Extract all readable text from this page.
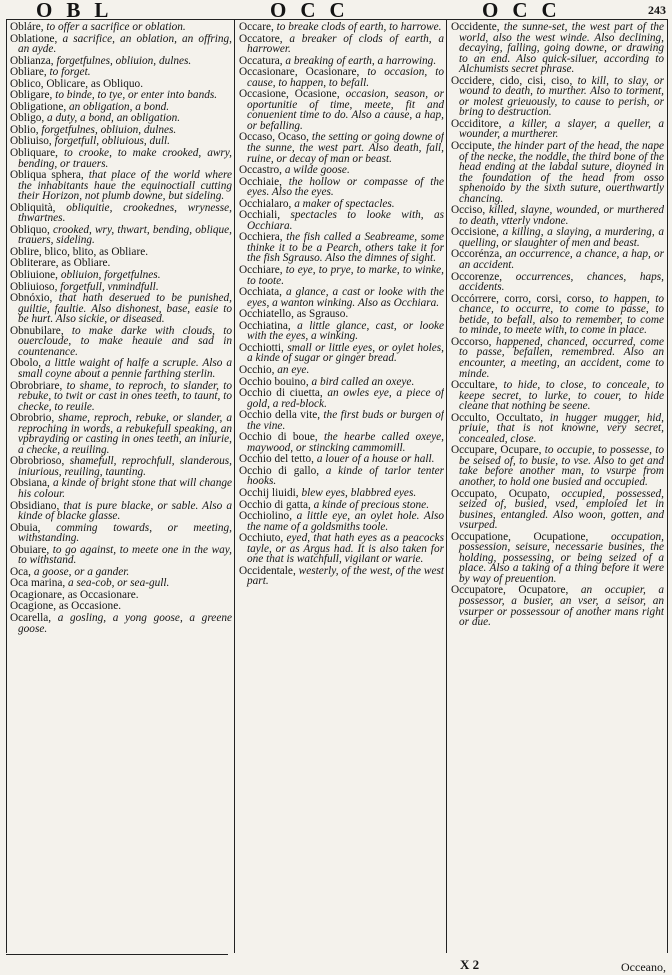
OBL	OCC	OCC	243

Obláre, to offer a sacrifice or oblation.

Oblatione, a sacrifice, an oblation, an offring, an ayde.

Oblianza, forgetfulnes, obliuion, dulnes.

Obliare, to forget.

Oblico, Oblicare, as Obliquo.

Obligare, to binde, to tye, or enter into bands.

Obligatione, an obligation, a bond.

Obligo, a duty, a bond, an obligation.

Oblio, forgetfulnes, obliuion, dulnes.

Obliuiso, forgetfull, obliuious, dull.

Obliquare, to crooke, to make crooked, awry, bending, or trauers.

Obliqua sphera, that place of the world where the inhabitants haue the equinoctiall cutting their Horizon, not plumb downe, but sideling.

Obliquità, obliquitie, crookednes, wrynesse, thwartnes.

Obliquo, crooked, wry, thwart, bending, oblique, trauers, sideling.

Oblire, blico, blito, as Obliare.

Obliterare, as Obliare.

Obliuione, obliuion, forgetfulnes.

Obliuioso, forgetfull, vnmindfull.

Obnóxio, that hath deserued to be punished, guiltie, faultie. Also dishonest, base, easie to be hurt. Also sickie, or diseased.

Obnubilare, to make darke with clouds, to ouercloude, to make heauie and sad in countenance.

Obolo, a little waight of halfe a scruple. Also a small coyne about a pennie farthing sterlin.

Obrobriare, to shame, to reproch, to slander, to rebuke, to twit or cast in ones teeth, to taunt, to checke, to reuile.

Obrobrio, shame, reproch, rebuke, or slander, a reproching in words, a rebukefull speaking, an vpbrayding or casting in ones teeth, an iniurie, a checke, a reuiling.

Obrobrioso, shamefull, reprochfull, slanderous, iniurious, reuiling, taunting.

Obsiana, a kinde of bright stone that will change his colour.

Obsidiano, that is pure blacke, or sable. Also a kinde of blacke glasse.

Obuia, comming towards, or meeting, withstanding.

Obuiare, to go against, to meete one in the way, to withstand.

Oca, a goose, or a gander.

Oca marina, a sea-cob, or sea-gull.

Ocagionare, as Occasionare.

Ocagione, as Occasione.

Ocarella, a gosling, a yong goose, a greene goose.

Occare, to breake clods of earth, to harrowe.

Occatore, a breaker of clods of earth, a harrower.

Occatura, a breaking of earth, a harrowing.

Occasionare, Ocasionare, to occasion, to cause, to happen, to befall.

Occasione, Ocasione, occasion, season, or oportunitie of time, meete, fit and conuenient time to do. Also a cause, a hap, or befalling.

Occaso, Ocaso, the setting or going downe of the sunne, the west part. Also death, fall, ruine, or decay of man or beast.

Occastro, a wilde goose.

Occhiaie, the hollow or compasse of the eyes. Also the eyes.

Occhialaro, a maker of spectacles.

Occhiali, spectacles to looke with, as Occhiara.

Occhiera, the fish called a Seabreame, some thinke it to be a Pearch, others take it for the fish Sgrauso. Also the dimnes of sight.

Occhiare, to eye, to prye, to marke, to winke, to toote.

Occhiata, a glance, a cast or looke with the eyes, a wanton winking. Also as Occhiara.

Occhiatello, as Sgrauso.

Occhiatina, a little glance, cast, or looke with the eyes, a winking.

Occhiotti, small or little eyes, or oylet holes, a kinde of sugar or ginger bread.

Occhio, an eye.

Occhio bouino, a bird called an oxeye.

Occhio di ciuetta, an owles eye, a piece of gold, a red-block.

Occhio della vite, the first buds or burgen of the vine.

Occhio di boue, the hearbe called oxeye, maywood, or stincking cammomill.

Occhio del tetto, a louer of a house or hall.

Occhio di gallo, a kinde of tarlor tenter hooks.

Occhij liuidi, blew eyes, blabbred eyes.

Occhio di gatta, a kinde of precious stone.

Occhiolino, a little eye, an oylet hole. Also the name of a goldsmiths toole.

Occhiuto, eyed, that hath eyes as a peacocks tayle, or as Argus had. It is also taken for one that is watchfull, vigilant or warie.

Occidentale, westerly, of the west, of the west part.

Occidente, the sunne-set, the west part of the world, also the west winde. Also declining, decaying, falling, going downe, or drawing to an end. Also quick-siluer, according to Alchumists secret phrase.

Occidere, cido, cisi, ciso, to kill, to slay, or wound to death, to murther. Also to torment, or molest grieuously, to cause to perish, or bring to destruction.

Occiditore, a killer, a slayer, a queller, a wounder, a murtherer.

Occipute, the hinder part of the head, the nape of the necke, the noddle, the third bone of the head ending at the labdal suture, dioyned in the foundation of the head from osso sphenoido by the sixth suture, ouerthwartly chancing.

Occiso, killed, slayne, wounded, or murthered to death, vtterly vndone.

Occisione, a killing, a slaying, a murdering, a quelling, or slaughter of men and beast.

Occorénza, an occurrence, a chance, a hap, or an accident.

Occorenze, occurrences, chances, haps, accidents.

Occórrere, corro, corsi, corso, to happen, to chance, to occurre, to come to passe, to betide, to befall, also to remember, to come to minde, to meete with, to come in place.

Occorso, happened, chanced, occurred, come to passe, befallen, remembred. Also an encounter, a meeting, an accident, come to minde.

Occultare, to hide, to close, to conceale, to keepe secret, to lurke, to couer, to hide cleane that nothing be seene.

Occulto, Occultato, in hugger mugger, hid, priuie, that is not knowne, very secret, concealed, close.

Occupare, Ocupare, to occupie, to possesse, to be seised of, to busie, to vse. Also to get and take before another man, to vsurpe from another, to hold one busied and occupied.

Occupato, Ocupato, occupied, possessed, seized of, busied, vsed, emploied let in busines, entangled. Also woon, gotten, and vsurped.

Occupatione, Ocupatione, occupation, possession, seisure, necessarie busines, the holding, possessing, or being seized of a place. Also a taking of a thing before it were by way of preuention.

Occupatore, Ocupatore, an occupier, a possessor, a busier, an vser, a seisor, an vsurper or possessour of another mans right or due.

X 2	Occeano,
